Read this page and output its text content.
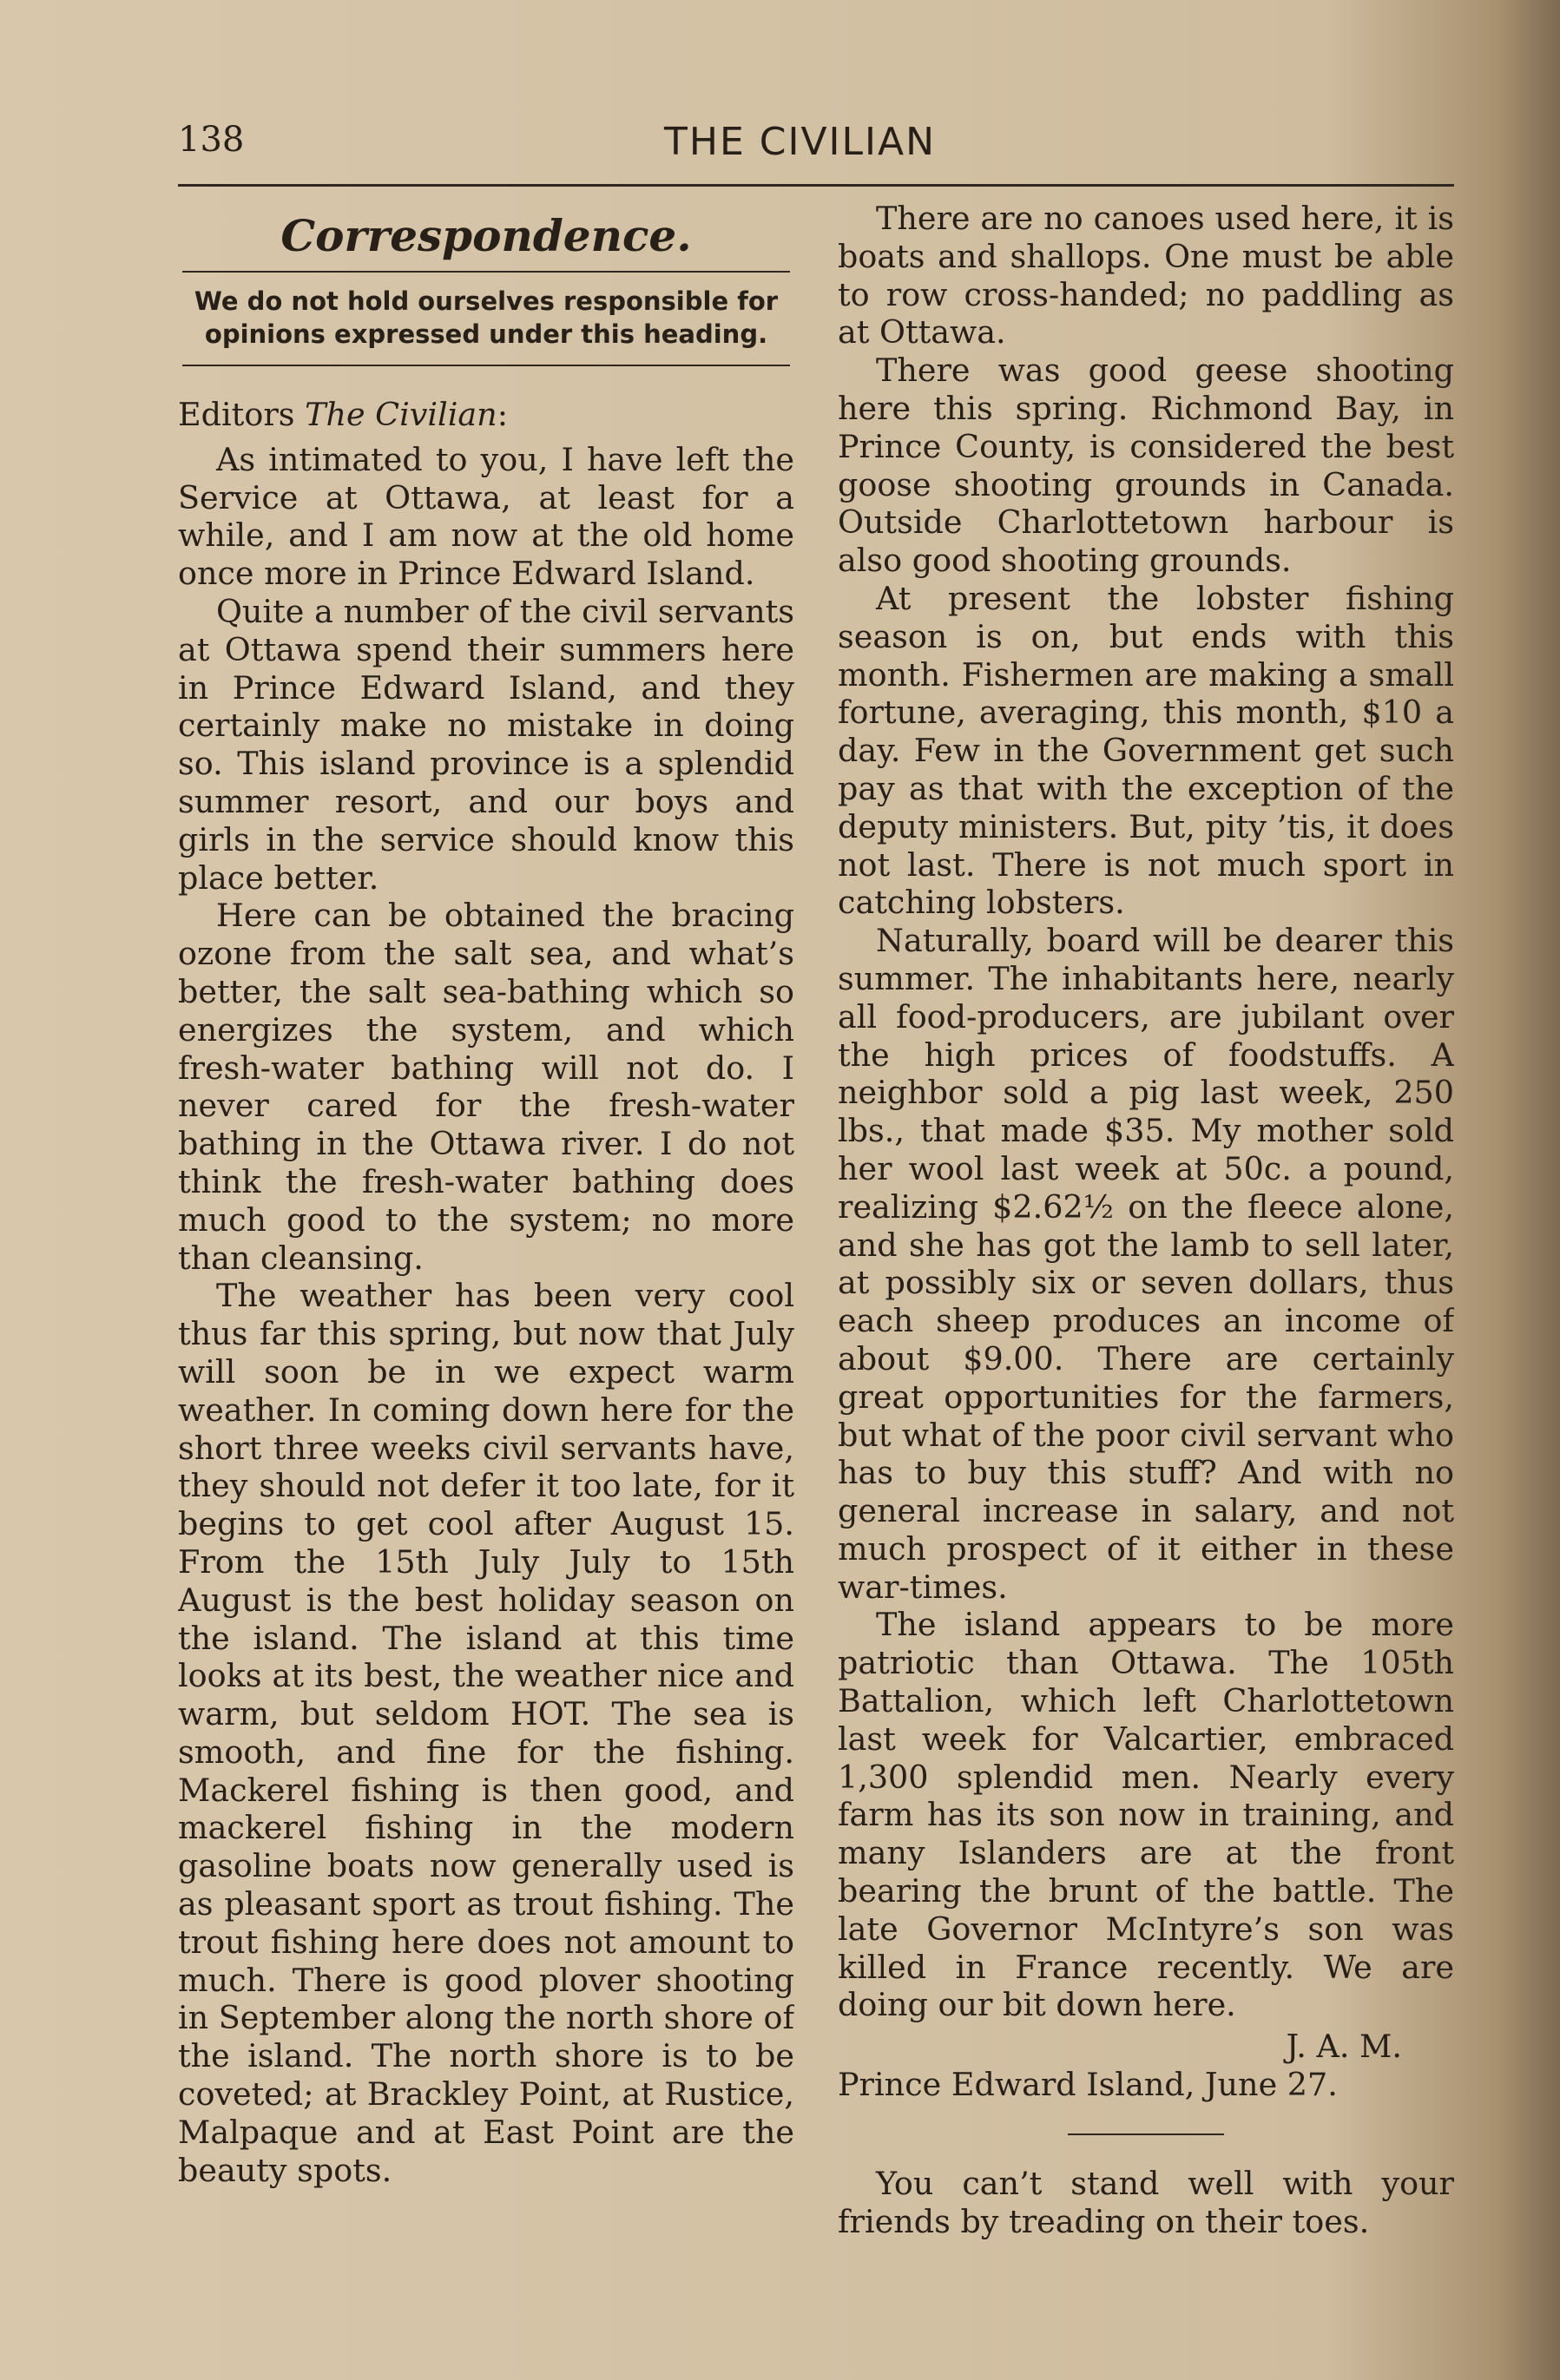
138	THE CIVILIAN
Correspondence.
We do not hold ourselves responsible for opinions expressed under this heading.
Editors The Civilian:

As intimated to you, I have left the Service at Ottawa, at least for a while, and I am now at the old home once more in Prince Edward Island.

Quite a number of the civil servants at Ottawa spend their summers here in Prince Edward Island, and they certainly make no mistake in doing so. This island province is a splendid summer resort, and our boys and girls in the service should know this place better.

Here can be obtained the bracing ozone from the salt sea, and what’s better, the salt sea-bathing which so energizes the system, and which fresh-water bathing will not do. I never cared for the fresh-water bathing in the Ottawa river. I do not think the fresh-water bathing does much good to the system; no more than cleansing.

The weather has been very cool thus far this spring, but now that July will soon be in we expect warm weather. In coming down here for the short three weeks civil servants have, they should not defer it too late, for it begins to get cool after August 15. From the 15th July July to 15th August is the best holiday season on the island. The island at this time looks at its best, the weather nice and warm, but seldom HOT. The sea is smooth, and fine for the fishing. Mackerel fishing is then good, and mackerel fishing in the modern gasoline boats now generally used is as pleasant sport as trout fishing. The trout fishing here does not amount to much. There is good plover shooting in September along the north shore of the island. The north shore is to be coveted; at Brackley Point, at Rustice, Malpaque and at East Point are the beauty spots.

There are no canoes used here, it is boats and shallops. One must be able to row cross-handed; no paddling as at Ottawa.

There was good geese shooting here this spring. Richmond Bay, in Prince County, is considered the best goose shooting grounds in Canada. Outside Charlottetown harbour is also good shooting grounds.

At present the lobster fishing season is on, but ends with this month. Fishermen are making a small fortune, averaging, this month, $10 a day. Few in the Government get such pay as that with the exception of the deputy ministers. But, pity ’tis, it does not last. There is not much sport in catching lobsters.

Naturally, board will be dearer this summer. The inhabitants here, nearly all food-producers, are jubilant over the high prices of foodstuffs. A neighbor sold a pig last week, 250 lbs., that made $35. My mother sold her wool last week at 50c. a pound, realizing $2.62½ on the fleece alone, and she has got the lamb to sell later, at possibly six or seven dollars, thus each sheep produces an income of about $9.00. There are certainly great opportunities for the farmers, but what of the poor civil servant who has to buy this stuff? And with no general increase in salary, and not much prospect of it either in these war-times.

The island appears to be more patriotic than Ottawa. The 105th Battalion, which left Charlottetown last week for Valcartier, embraced 1,300 splendid men. Nearly every farm has its son now in training, and many Islanders are at the front bearing the brunt of the battle. The late Governor McIntyre’s son was killed in France recently. We are doing our bit down here.

J. A. M.

Prince Edward Island, June 27.

You can’t stand well with your friends by treading on their toes.
